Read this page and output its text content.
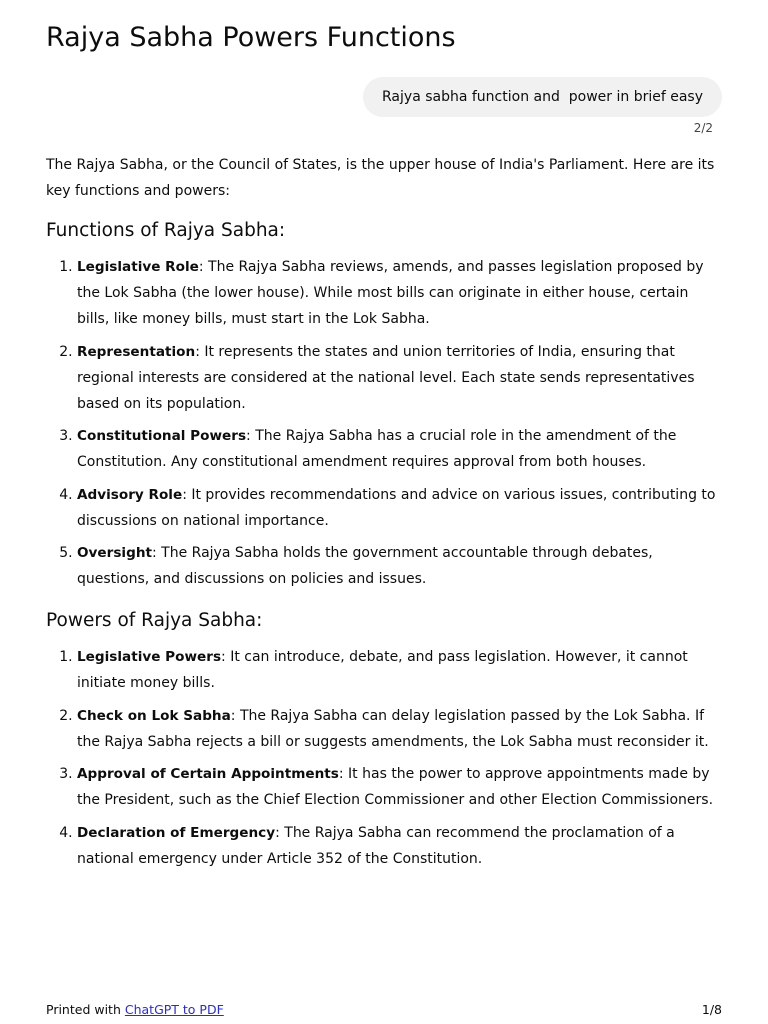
Rajya Sabha Powers Functions
Rajya sabha function and  power in brief easy
2/2

The Rajya Sabha, or the Council of States, is the upper house of India's Parliament. Here are its key functions and powers:

Functions of Rajya Sabha:
1. Legislative Role: The Rajya Sabha reviews, amends, and passes legislation proposed by the Lok Sabha (the lower house). While most bills can originate in either house, certain bills, like money bills, must start in the Lok Sabha.
2. Representation: It represents the states and union territories of India, ensuring that regional interests are considered at the national level. Each state sends representatives based on its population.
3. Constitutional Powers: The Rajya Sabha has a crucial role in the amendment of the Constitution. Any constitutional amendment requires approval from both houses.
4. Advisory Role: It provides recommendations and advice on various issues, contributing to discussions on national importance.
5. Oversight: The Rajya Sabha holds the government accountable through debates, questions, and discussions on policies and issues.
Powers of Rajya Sabha:
1. Legislative Powers: It can introduce, debate, and pass legislation. However, it cannot initiate money bills.
2. Check on Lok Sabha: The Rajya Sabha can delay legislation passed by the Lok Sabha. If the Rajya Sabha rejects a bill or suggests amendments, the Lok Sabha must reconsider it.
3. Approval of Certain Appointments: It has the power to approve appointments made by the President, such as the Chief Election Commissioner and other Election Commissioners.
4. Declaration of Emergency: The Rajya Sabha can recommend the proclamation of a national emergency under Article 352 of the Constitution.
Printed with ChatGPT to PDF	1/8
